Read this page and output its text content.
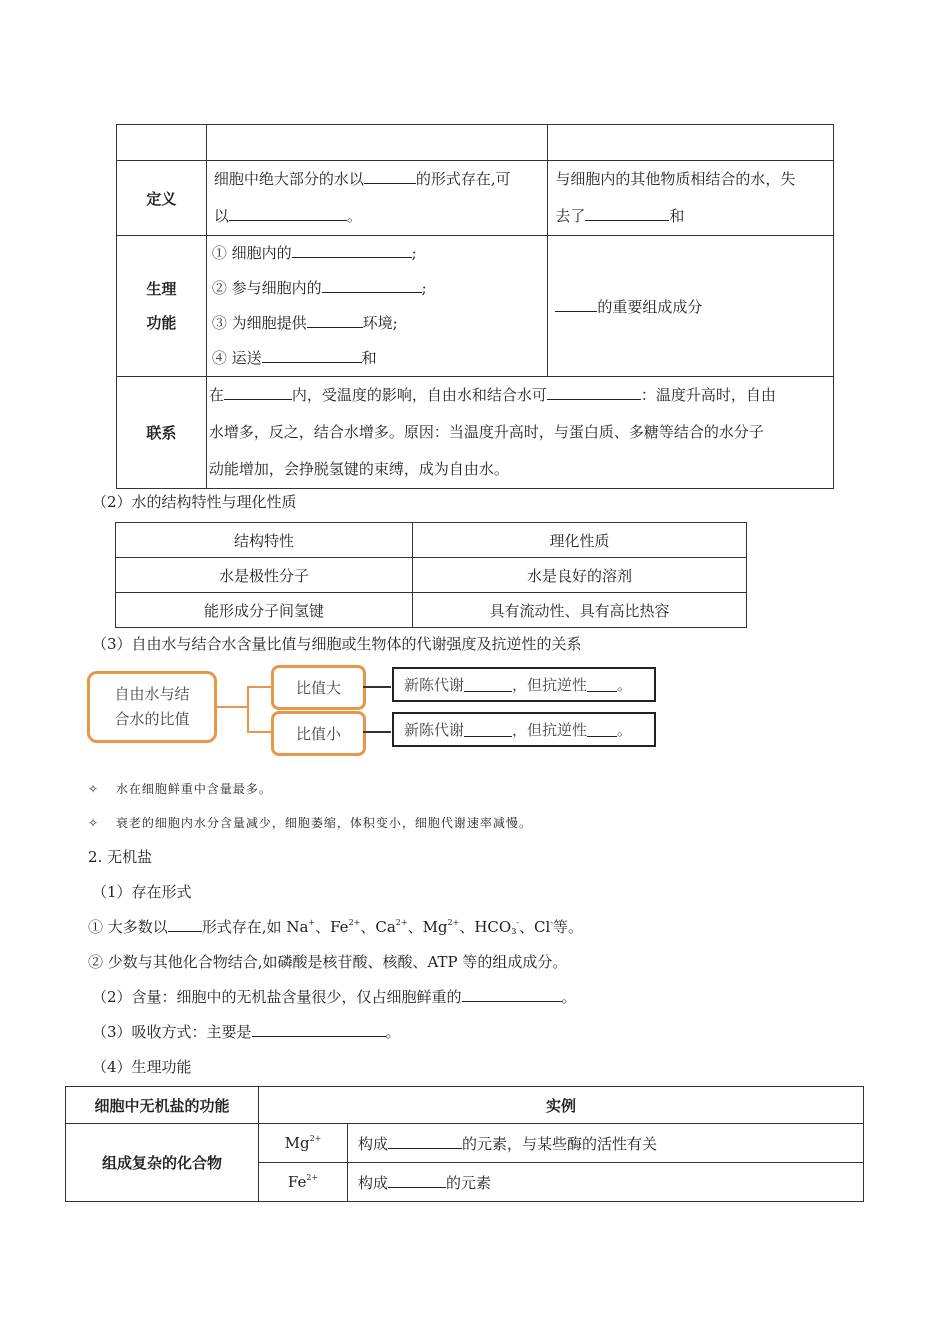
定义	细胞中绝大部分的水以 的形式存在,可
以 。	与细胞内的其他物质相结合的水，失
去了 和

生理
功能	① 细胞内的 ;
② 参与细胞内的 ;
③ 为细胞提供 环境;
④ 运送 和	的重要组成成分

联系	在 内，受温度的影响，自由水和结合水可 ：温度升高时，自由
水增多，反之，结合水增多。原因：当温度升高时，与蛋白质、多糖等结合的水分子
动能增加，会挣脱氢键的束缚，成为自由水。	
（2）水的结构特性与理化性质
结构特性	理化性质
水是极性分子	水是良好的溶剂
能形成分子间氢键	具有流动性、具有高比热容
（3）自由水与结合水含量比值与细胞或生物体的代谢强度及抗逆性的关系
自由水与结合水的比值
比值大
比值小
新陈代谢	，但抗逆性 。
新陈代谢	，但抗逆性 。
✧ 水在细胞鲜重中含量最多。
✧ 衰老的细胞内水分含量减少，细胞萎缩，体积变小，细胞代谢速率减慢。
2. 无机盐
（1）存在形式
① 大多数以 形式存在,如 Na+、$Fe^{2+}$、$Ca^{2+}$、$Mg^{2+}$、$HCO_3^-$、Cl-等。
② 少数与其他化合物结合,如磷酸是核苷酸、核酸、ATP 等的组成成分。
（2）含量：细胞中的无机盐含量很少，仅占细胞鲜重的	。
（3）吸收方式：主要是	。
（4）生理功能
细胞中无机盐的功能	实例	
组成复杂的化合物	$Mg^{2+}$	构成 的元素，与某些酶的活性有关
	$Fe^{2+}$	构成 的元素
